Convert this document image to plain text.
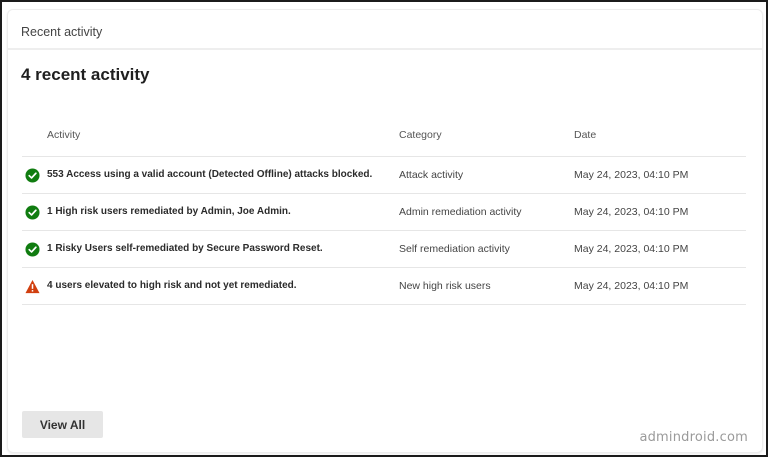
Recent activity
4 recent activity
Activity	Category	Date
553 Access using a valid account (Detected Offline) attacks blocked.	Attack activity	May 24, 2023, 04:10 PM
1 High risk users remediated by Admin, Joe Admin.	Admin remediation activity	May 24, 2023, 04:10 PM
1 Risky Users self-remediated by Secure Password Reset.	Self remediation activity	May 24, 2023, 04:10 PM
4 users elevated to high risk and not yet remediated.	New high risk users	May 24, 2023, 04:10 PM
View All
admindroid.com
